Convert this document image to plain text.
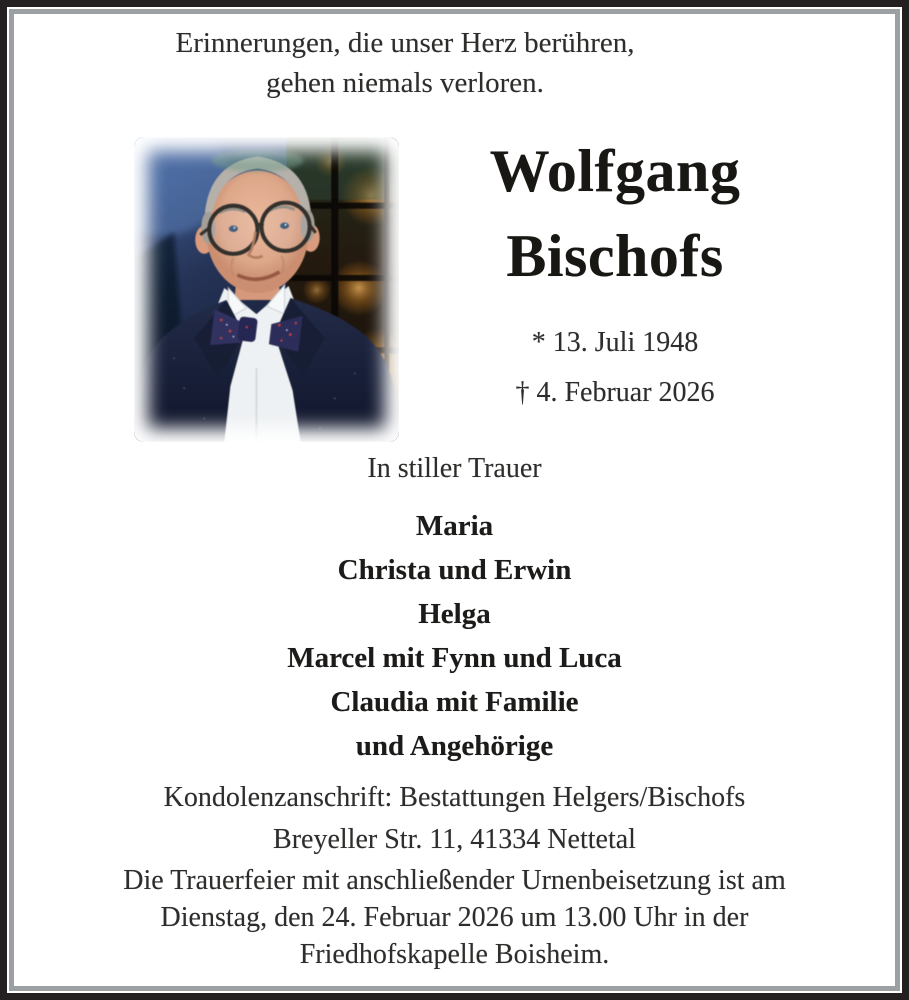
Erinnerungen, die unser Herz berühren,
gehen niemals verloren.
Wolfgang
Bischofs
* 13. Juli 1948
† 4. Februar 2026
In stiller Trauer
Maria
Christa und Erwin
Helga
Marcel mit Fynn und Luca
Claudia mit Familie
und Angehörige
Kondolenzanschrift: Bestattungen Helgers/Bischofs
Breyeller Str. 11, 41334 Nettetal
Die Trauerfeier mit anschließender Urnenbeisetzung ist am
Dienstag, den 24. Februar 2026 um 13.00 Uhr in der
Friedhofskapelle Boisheim.
